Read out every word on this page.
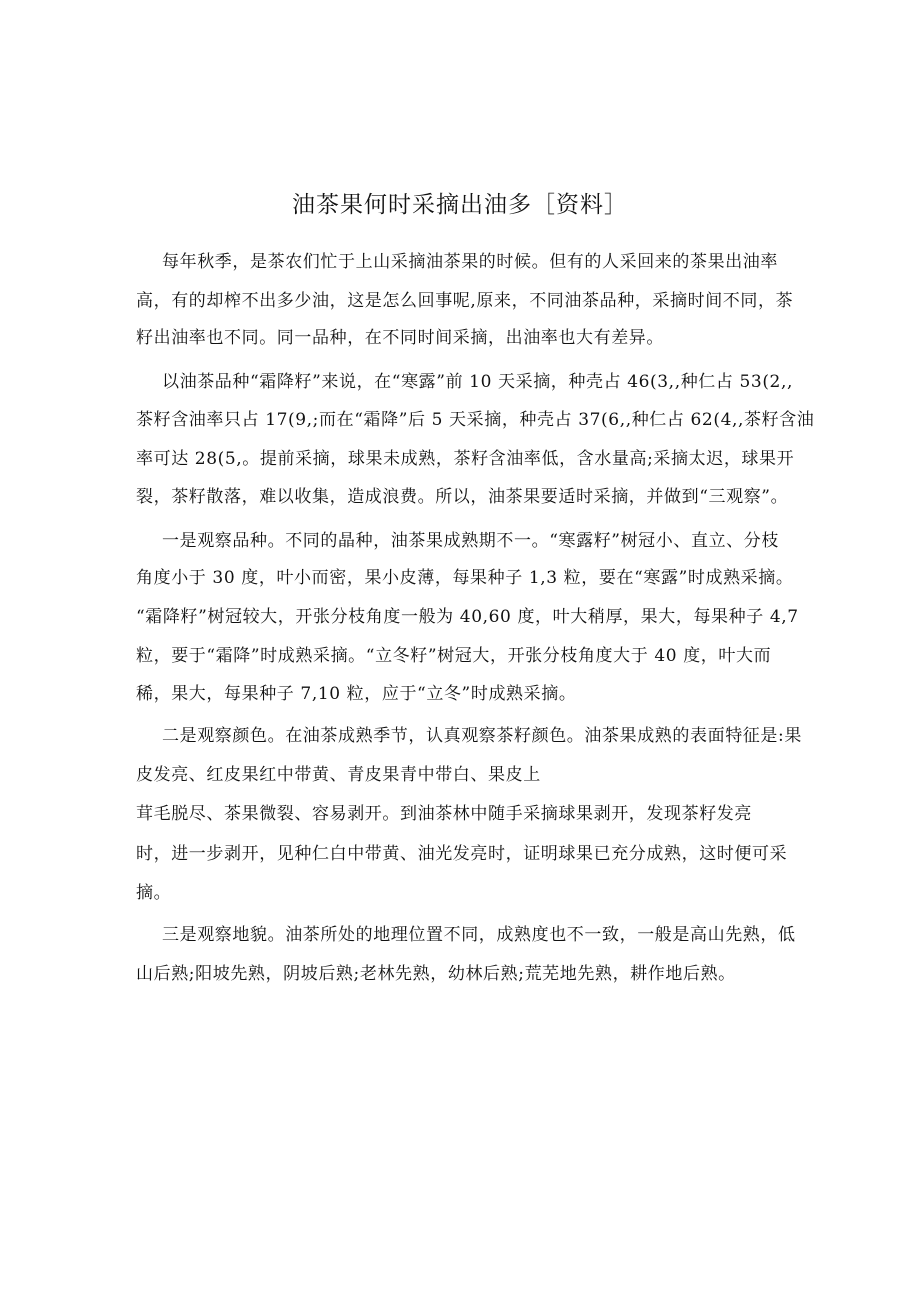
油茶果何时采摘出油多［资料］
每年秋季，是茶农们忙于上山采摘油茶果的时候。但有的人采回来的茶果出油率
高，有的却榨不出多少油，这是怎么回事呢,原来，不同油茶品种，采摘时间不同，茶
籽出油率也不同。同一品种，在不同时间采摘，出油率也大有差异。
以油茶品种“霜降籽”来说，在“寒露”前 10 天采摘，种壳占 46(3,,种仁占 53(2,,
茶籽含油率只占 17(9,;而在“霜降”后 5 天采摘，种壳占 37(6,,种仁占 62(4,,茶籽含油
率可达 28(5,。提前采摘，球果未成熟，茶籽含油率低，含水量高;采摘太迟，球果开
裂，茶籽散落，难以收集，造成浪费。所以，油茶果要适时采摘，并做到“三观察”。
一是观察品种。不同的晶种，油茶果成熟期不一。“寒露籽”树冠小、直立、分枝
角度小于 30 度，叶小而密，果小皮薄，每果种子 1,3 粒，要在“寒露”时成熟采摘。
“霜降籽”树冠较大，开张分枝角度一般为 40,60 度，叶大稍厚，果大，每果种子 4,7
粒，要于“霜降”时成熟采摘。“立冬籽”树冠大，开张分枝角度大于 40 度，叶大而
稀，果大，每果种子 7,10 粒，应于“立冬”时成熟采摘。
二是观察颜色。在油茶成熟季节，认真观察茶籽颜色。油茶果成熟的表面特征是:果
皮发亮、红皮果红中带黄、青皮果青中带白、果皮上
茸毛脱尽、茶果微裂、容易剥开。到油茶林中随手采摘球果剥开，发现茶籽发亮
时，进一步剥开，见种仁白中带黄、油光发亮时，证明球果已充分成熟，这时便可采
摘。
三是观察地貌。油茶所处的地理位置不同，成熟度也不一致，一般是高山先熟，低
山后熟;阳坡先熟，阴坡后熟;老林先熟，幼林后熟;荒芜地先熟，耕作地后熟。
